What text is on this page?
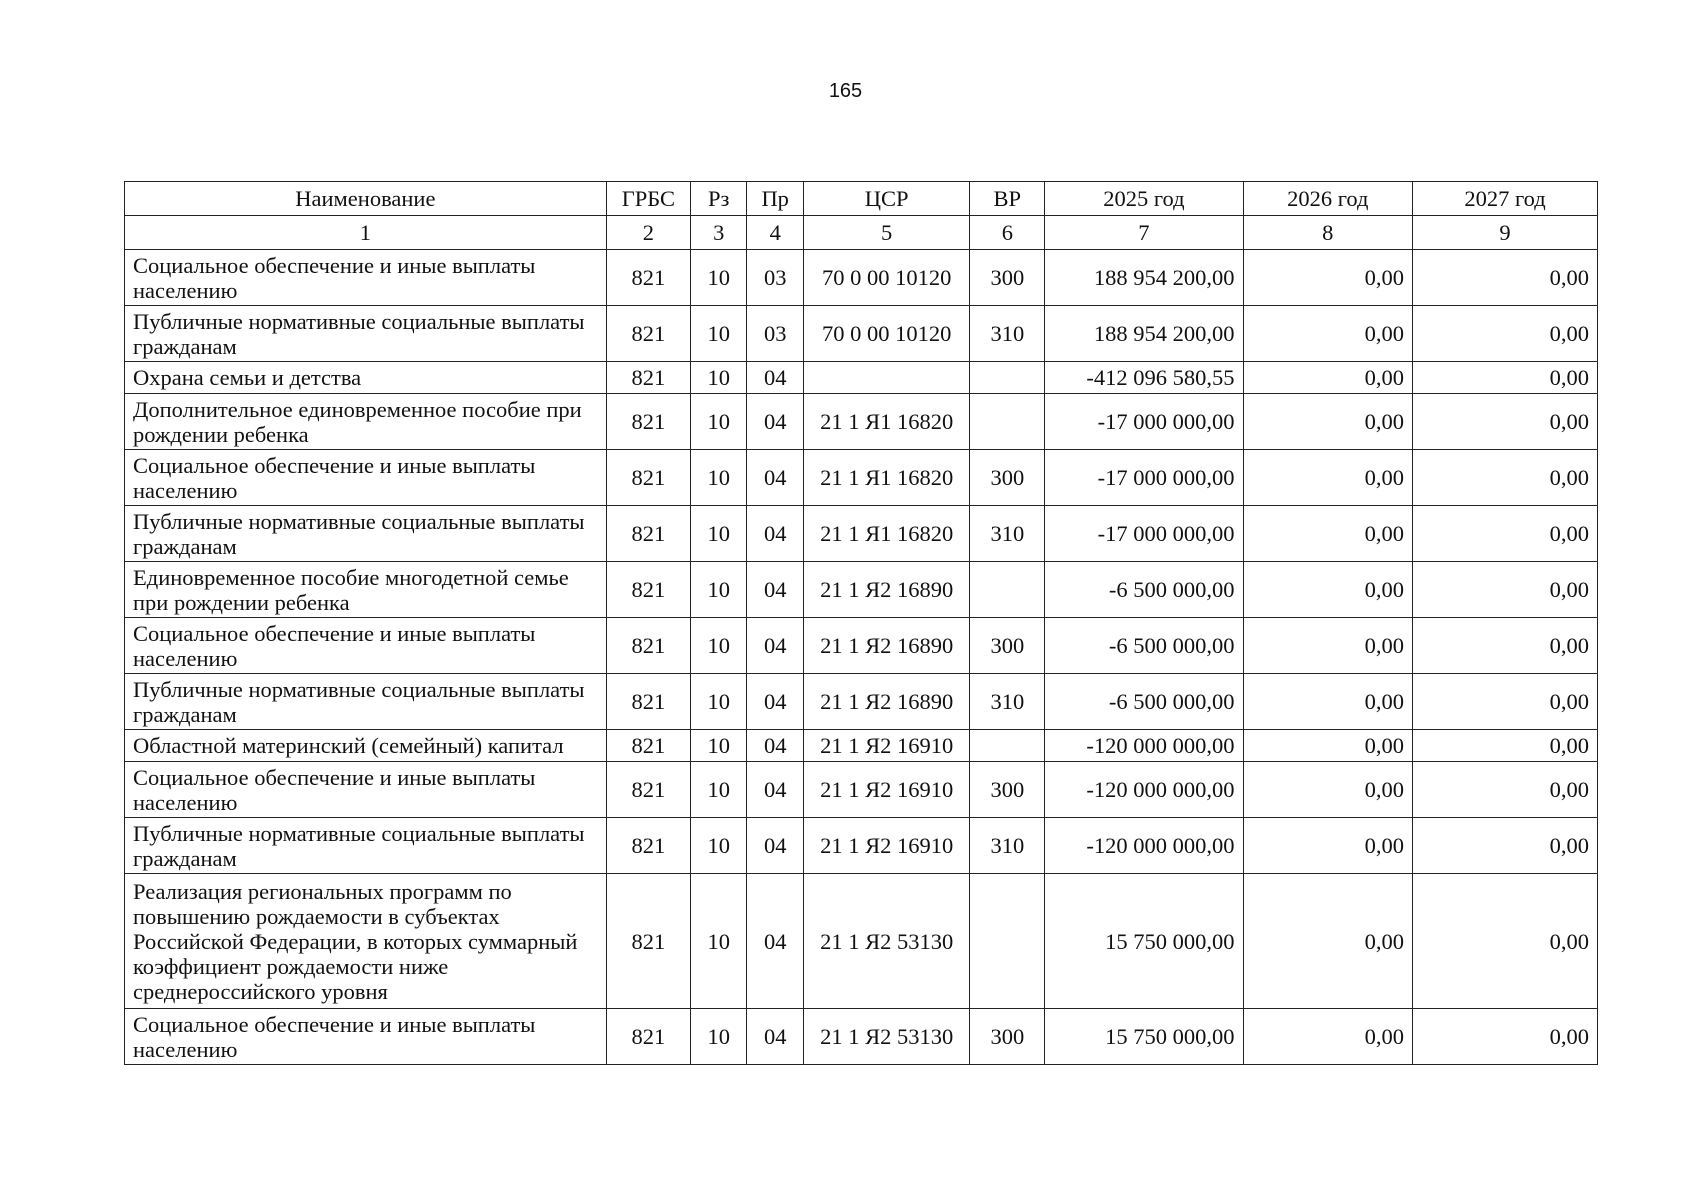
165
Наименование	ГРБС	Рз	Пр	ЦСР	ВР	2025 год	2026 год	2027 год
1	2	3	4	5	6	7	8	9
Социальное обеспечение и иные выплаты населению	821	10	03	70 0 00 10120	300	188 954 200,00	0,00	0,00
Публичные нормативные социальные выплаты гражданам	821	10	03	70 0 00 10120	310	188 954 200,00	0,00	0,00
Охрана семьи и детства	821	10	04			-412 096 580,55	0,00	0,00
Дополнительное единовременное пособие при рождении ребенка	821	10	04	21 1 Я1 16820		-17 000 000,00	0,00	0,00
Социальное обеспечение и иные выплаты населению	821	10	04	21 1 Я1 16820	300	-17 000 000,00	0,00	0,00
Публичные нормативные социальные выплаты гражданам	821	10	04	21 1 Я1 16820	310	-17 000 000,00	0,00	0,00
Единовременное пособие многодетной семье при рождении ребенка	821	10	04	21 1 Я2 16890		-6 500 000,00	0,00	0,00
Социальное обеспечение и иные выплаты населению	821	10	04	21 1 Я2 16890	300	-6 500 000,00	0,00	0,00
Публичные нормативные социальные выплаты гражданам	821	10	04	21 1 Я2 16890	310	-6 500 000,00	0,00	0,00
Областной материнский (семейный) капитал	821	10	04	21 1 Я2 16910		-120 000 000,00	0,00	0,00
Социальное обеспечение и иные выплаты населению	821	10	04	21 1 Я2 16910	300	-120 000 000,00	0,00	0,00
Публичные нормативные социальные выплаты гражданам	821	10	04	21 1 Я2 16910	310	-120 000 000,00	0,00	0,00
Реализация региональных программ по повышению рождаемости в субъектах Российской Федерации, в которых суммарный коэффициент рождаемости ниже среднероссийского уровня	821	10	04	21 1 Я2 53130		15 750 000,00	0,00	0,00
Социальное обеспечение и иные выплаты населению	821	10	04	21 1 Я2 53130	300	15 750 000,00	0,00	0,00
